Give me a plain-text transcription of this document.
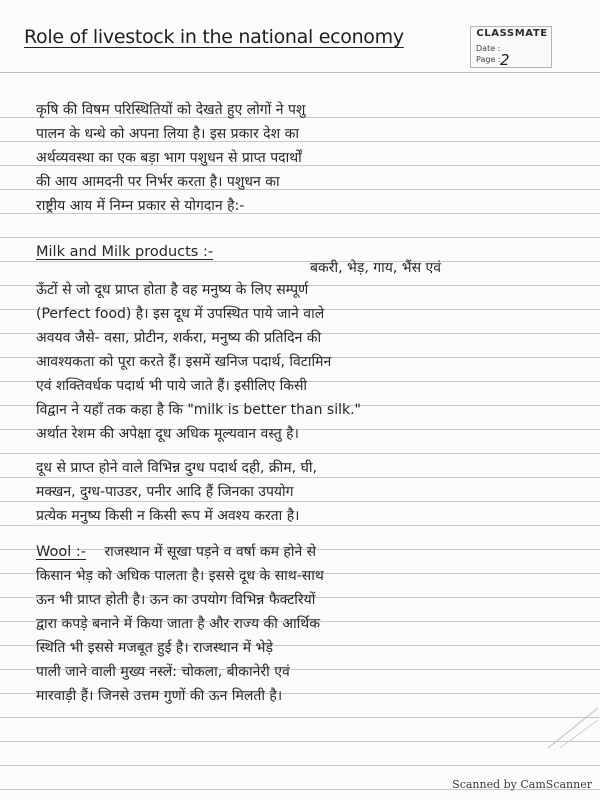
Role of livestock in the national economy	CLASSMATE
Date :
Page : 2
कृषि की विषम परिस्थितियों को देखते हुए लोगों ने पशु
पालन के धन्धे को अपना लिया है। इस प्रकार देश का
अर्थव्यवस्था का एक बड़ा भाग पशुधन से प्राप्त पदार्थों
की आय आमदनी पर निर्भर करता है। पशुधन का
राष्ट्रीय आय में निम्न प्रकार से योगदान है:-
Milk and Milk products :-
बकरी, भेड़, गाय, भैंस एवं
ऊँटों से जो दूध प्राप्त होता है वह मनुष्य के लिए सम्पूर्ण
(Perfect food) है। इस दूध में उपस्थित पाये जाने वाले
अवयव जैसे- वसा, प्रोटीन, शर्करा, मनुष्य की प्रतिदिन की
आवश्यकता को पूरा करते हैं। इसमें खनिज पदार्थ, विटामिन
एवं शक्तिवर्धक पदार्थ भी पाये जाते हैं। इसीलिए किसी
विद्वान ने यहाँ तक कहा है कि "milk is better than silk."
अर्थात रेशम की अपेक्षा दूध अधिक मूल्यवान वस्तु है।
दूध से प्राप्त होने वाले विभिन्न दुग्ध पदार्थ दही, क्रीम, घी,
मक्खन, दुग्ध-पाउडर, पनीर आदि हैं जिनका उपयोग
प्रत्येक मनुष्य किसी न किसी रूप में अवश्य करता है।
Wool :- राजस्थान में सूखा पड़ने व वर्षा कम होने से
किसान भेड़ को अधिक पालता है। इससे दूध के साथ-साथ
ऊन भी प्राप्त होती है। ऊन का उपयोग विभिन्न फैक्टरियों
द्वारा कपड़े बनाने में किया जाता है और राज्य की आर्थिक
स्थिति भी इससे मजबूत हुई है। राजस्थान में भेड़े
पाली जाने वाली मुख्य नस्लें: चोकला, बीकानेरी एवं
मारवाड़ी हैं। जिनसे उत्तम गुणों की ऊन मिलती है।
Scanned by CamScanner
